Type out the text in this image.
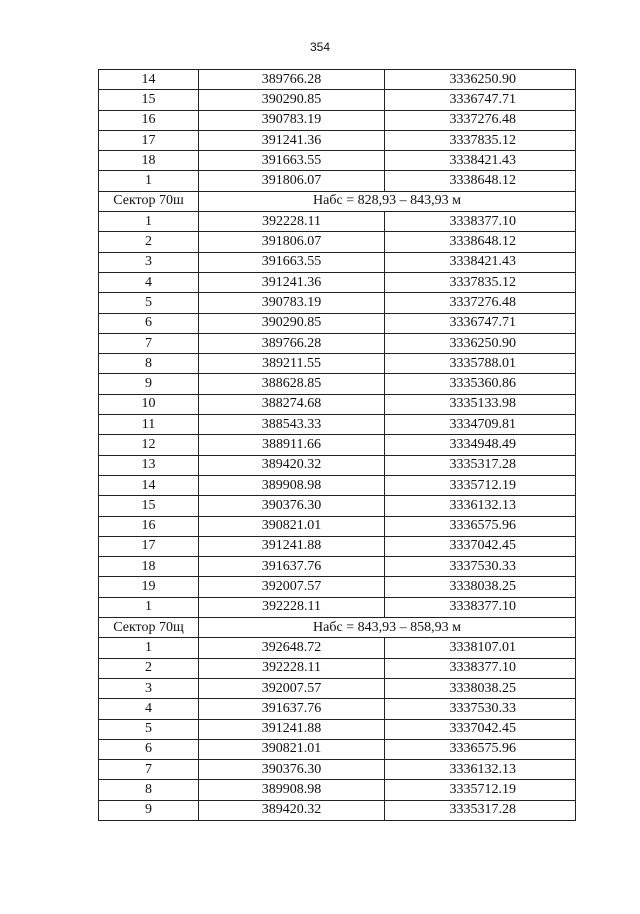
354
14	389766.28	3336250.90
15	390290.85	3336747.71
16	390783.19	3337276.48
17	391241.36	3337835.12
18	391663.55	3338421.43
1	391806.07	3338648.12
Сектор 70ш	Набс = 828,93 – 843,93 м	
1	392228.11	3338377.10
2	391806.07	3338648.12
3	391663.55	3338421.43
4	391241.36	3337835.12
5	390783.19	3337276.48
6	390290.85	3336747.71
7	389766.28	3336250.90
8	389211.55	3335788.01
9	388628.85	3335360.86
10	388274.68	3335133.98
11	388543.33	3334709.81
12	388911.66	3334948.49
13	389420.32	3335317.28
14	389908.98	3335712.19
15	390376.30	3336132.13
16	390821.01	3336575.96
17	391241.88	3337042.45
18	391637.76	3337530.33
19	392007.57	3338038.25
1	392228.11	3338377.10
Сектор 70щ	Набс = 843,93 – 858,93 м	
1	392648.72	3338107.01
2	392228.11	3338377.10
3	392007.57	3338038.25
4	391637.76	3337530.33
5	391241.88	3337042.45
6	390821.01	3336575.96
7	390376.30	3336132.13
8	389908.98	3335712.19
9	389420.32	3335317.28
